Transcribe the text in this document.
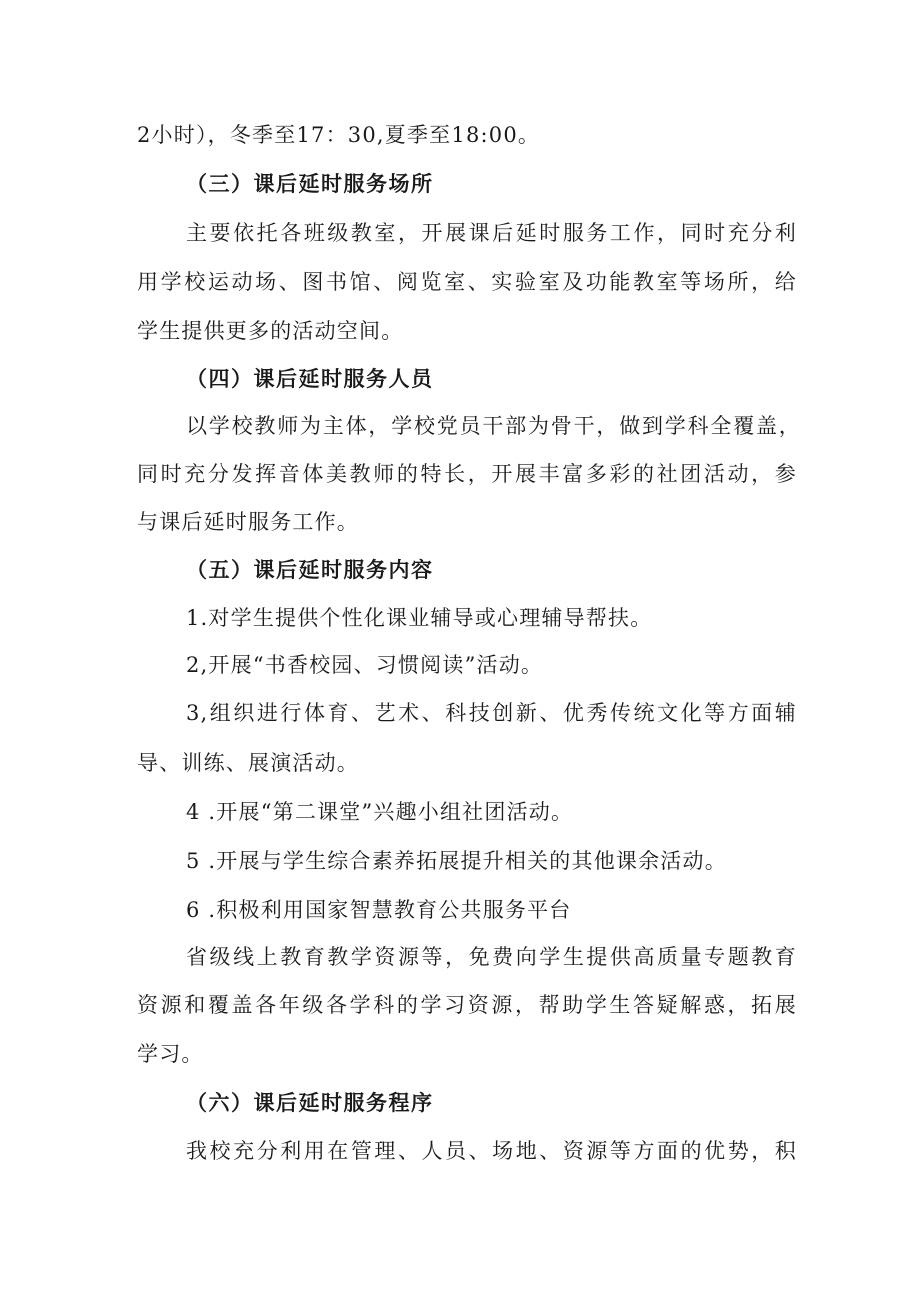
2小时），冬季至17：30,夏季至18:00。
（三）课后延时服务场所
主要依托各班级教室，开展课后延时服务工作，同时充分利
用学校运动场、图书馆、阅览室、实验室及功能教室等场所，给
学生提供更多的活动空间。
（四）课后延时服务人员
以学校教师为主体，学校党员干部为骨干，做到学科全覆盖，
同时充分发挥音体美教师的特长，开展丰富多彩的社团活动，参
与课后延时服务工作。
（五）课后延时服务内容
1.对学生提供个性化课业辅导或心理辅导帮扶。
2,开展“书香校园、习惯阅读”活动。
3,组织进行体育、艺术、科技创新、优秀传统文化等方面辅
导、训练、展演活动。
4 .开展“第二课堂”兴趣小组社团活动。
5 .开展与学生综合素养拓展提升相关的其他课余活动。
6 .积极利用国家智慧教育公共服务平台
省级线上教育教学资源等，免费向学生提供高质量专题教育
资源和覆盖各年级各学科的学习资源，帮助学生答疑解惑，拓展
学习。
（六）课后延时服务程序
我校充分利用在管理、人员、场地、资源等方面的优势，积
